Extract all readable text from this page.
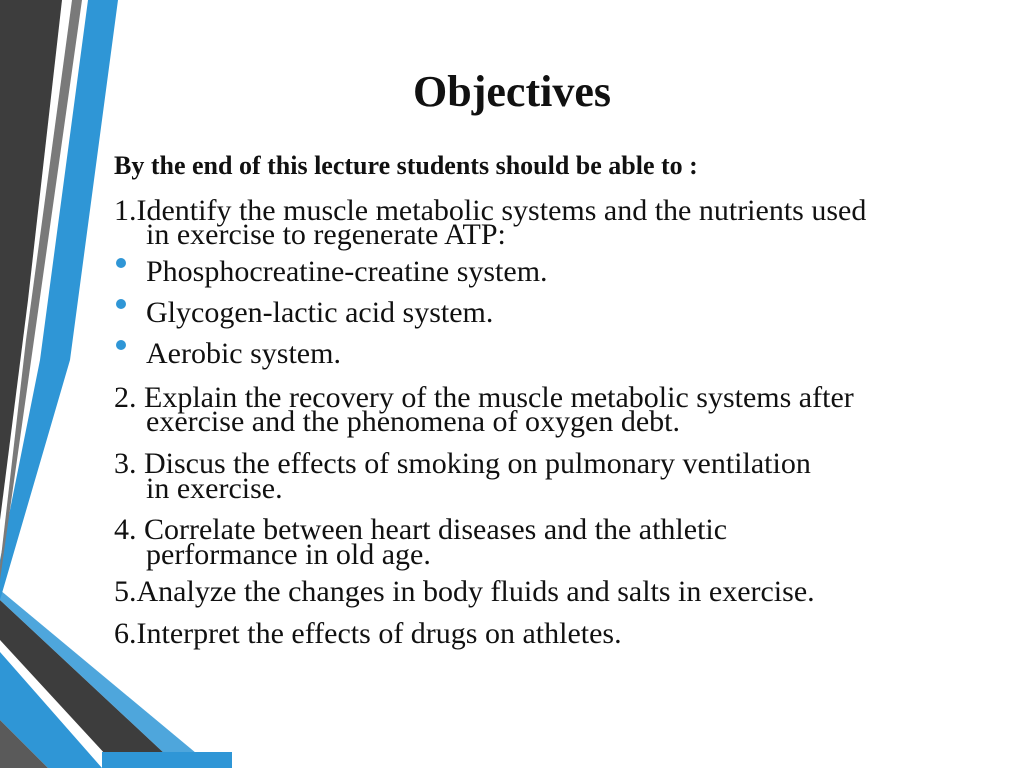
Objectives
By the end of this lecture students should be able to :
1.Identify the muscle metabolic systems and the nutrients used
in exercise to regenerate ATP:
Phosphocreatine-creatine system.
Glycogen-lactic acid system.
Aerobic system.
2. Explain the recovery of the muscle metabolic systems after
exercise and the phenomena of oxygen debt.
3. Discus the effects of smoking on pulmonary ventilation
in exercise.
4. Correlate between heart diseases and the athletic
performance in old age.
5.Analyze the changes in body fluids and salts in exercise.
6.Interpret the effects of drugs on athletes.
